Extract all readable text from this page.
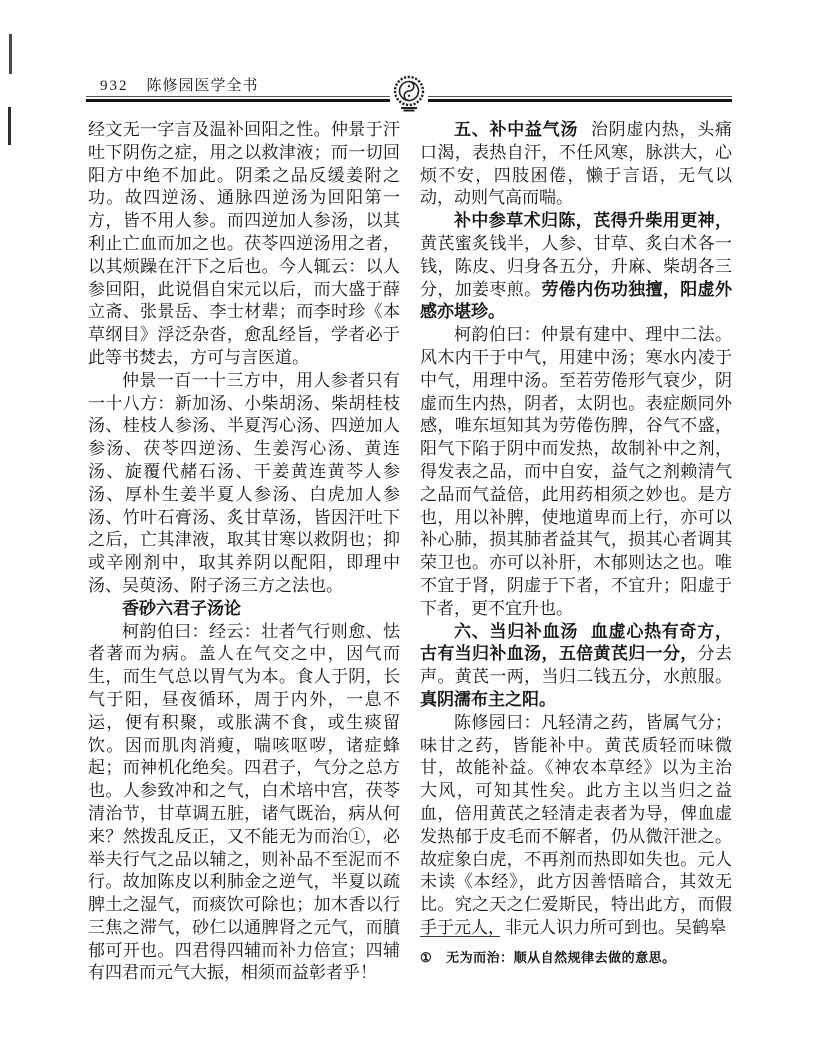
932 陈修园医学全书

经文无一字言及温补回阳之性。仲景于汗吐下阴伤之症，用之以救津液；而一切回阳方中绝不加此。阴柔之品反缓姜附之功。故四逆汤、通脉四逆汤为回阳第一方，皆不用人参。而四逆加人参汤，以其利止亡血而加之也。茯苓四逆汤用之者，以其烦躁在汗下之后也。今人辄云：以人参回阳，此说倡自宋元以后，而大盛于薛立斋、张景岳、李士材辈；而李时珍《本草纲目》浮泛杂沓，愈乱经旨，学者必于此等书焚去，方可与言医道。

仲景一百一十三方中，用人参者只有一十八方：新加汤、小柴胡汤、柴胡桂枝汤、桂枝人参汤、半夏泻心汤、四逆加人参汤、茯苓四逆汤、生姜泻心汤、黄连汤、旋覆代赭石汤、干姜黄连黄芩人参汤、厚朴生姜半夏人参汤、白虎加人参汤、竹叶石膏汤、炙甘草汤，皆因汗吐下之后，亡其津液，取其甘寒以救阴也；抑或辛刚剂中，取其养阴以配阳，即理中汤、吴萸汤、附子汤三方之法也。

香砂六君子汤论

柯韵伯曰：经云：壮者气行则愈、怯者著而为病。盖人在气交之中，因气而生，而生气总以胃气为本。食人于阴，长气于阳，昼夜循环，周于内外，一息不运，便有积聚，或胀满不食，或生痰留饮。因而肌肉消瘦，喘咳呕哕，诸症蜂起；而神机化绝矣。四君子，气分之总方也。人参致冲和之气，白术培中宫，茯苓清治节，甘草调五脏，诸气既治，病从何来？然拨乱反正，又不能无为而治①，必举夫行气之品以辅之，则补品不至泥而不行。故加陈皮以利肺金之逆气，半夏以疏脾土之湿气，而痰饮可除也；加木香以行三焦之滞气，砂仁以通脾肾之元气，而膹郁可开也。四君得四辅而补力倍宣；四辅有四君而元气大振，相须而益彰者乎！

五、补中益气汤 治阴虚内热，头痛口渴，表热自汗，不任风寒，脉洪大，心烦不安，四肢困倦，懒于言语，无气以动，动则气高而喘。

补中参草术归陈，芪得升柴用更神，黄芪蜜炙钱半，人参、甘草、炙白术各一钱，陈皮、归身各五分，升麻、柴胡各三分，加姜枣煎。劳倦内伤功独擅，阳虚外感亦堪珍。

柯韵伯曰：仲景有建中、理中二法。风木内干于中气，用建中汤；寒水内凌于中气，用理中汤。至若劳倦形气衰少，阴虚而生内热，阴者，太阴也。表症颇同外感，唯东垣知其为劳倦伤脾，谷气不盛，阳气下陷于阴中而发热，故制补中之剂，得发表之品，而中自安，益气之剂赖清气之品而气益倍，此用药相须之妙也。是方也，用以补脾，使地道卑而上行，亦可以补心肺，损其肺者益其气，损其心者调其荣卫也。亦可以补肝，木郁则达之也。唯不宜于肾，阴虚于下者，不宜升；阳虚于下者，更不宜升也。

六、当归补血汤 血虚心热有奇方，古有当归补血汤，五倍黄芪归一分，分去声。黄芪一两，当归二钱五分，水煎服。真阴濡布主之阳。

陈修园曰：凡轻清之药，皆属气分；味甘之药，皆能补中。黄芪质轻而味微甘，故能补益。《神农本草经》以为主治大风，可知其性矣。此方主以当归之益血，倍用黄芪之轻清走表者为导，俾血虚发热郁于皮毛而不解者，仍从微汗泄之。故症象白虎，不再剂而热即如失也。元人未读《本经》，此方因善悟暗合，其效无比。究之天之仁爱斯民，特出此方，而假手于元人，非元人识力所可到也。吴鹤皋

① 无为而治：顺从自然规律去做的意思。
